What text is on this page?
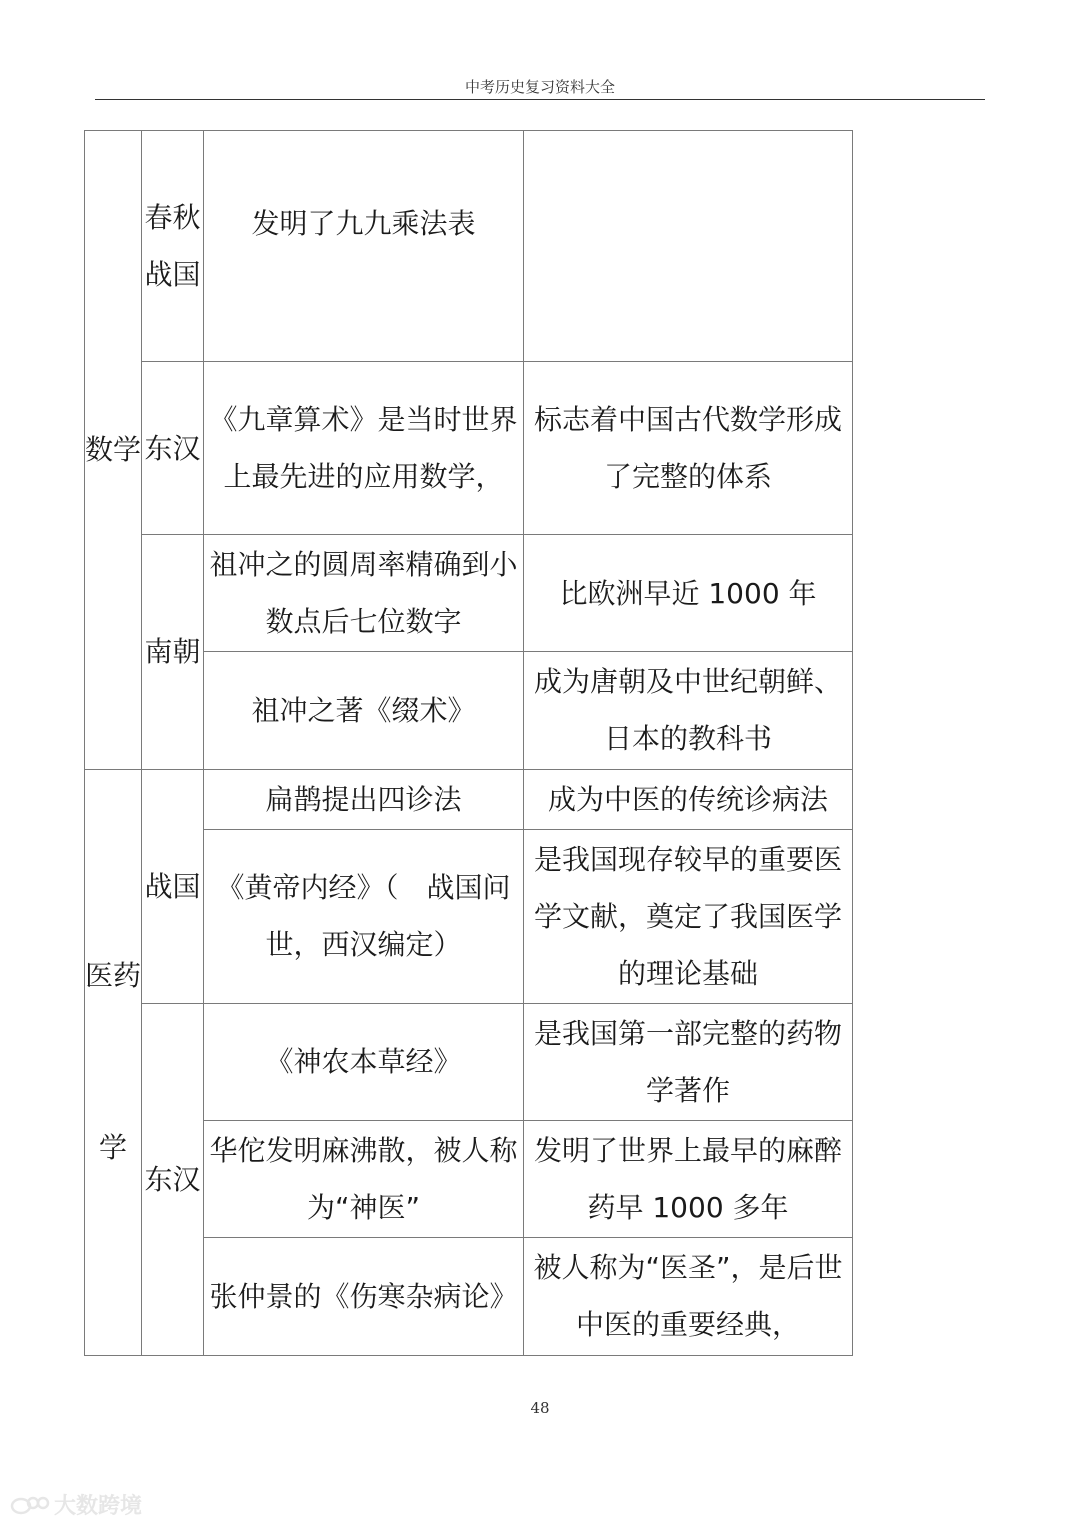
中考历史复习资料大全
数学	春秋战国	发明了九九乘法表	
	东汉	《九章算术》是当时世界上最先进的应用数学，	标志着中国古代数学形成了完整的体系
	南朝	祖冲之的圆周率精确到小数点后七位数字	比欧洲早近 1000 年
		祖冲之著《缀术》	成为唐朝及中世纪朝鲜、日本的教科书

医药学	战国	扁鹊提出四诊法	成为中医的传统诊病法
		《黄帝内经》（　战国问世，西汉编定）	是我国现存较早的重要医学文献，奠定了我国医学的理论基础
	东汉	《神农本草经》	是我国第一部完整的药物学著作
		华佗发明麻沸散，被人称为“神医”	发明了世界上最早的麻醉药早 1000 多年
		张仲景的《伤寒杂病论》	被人称为“医圣”，是后世中医的重要经典，
48
大数跨境
